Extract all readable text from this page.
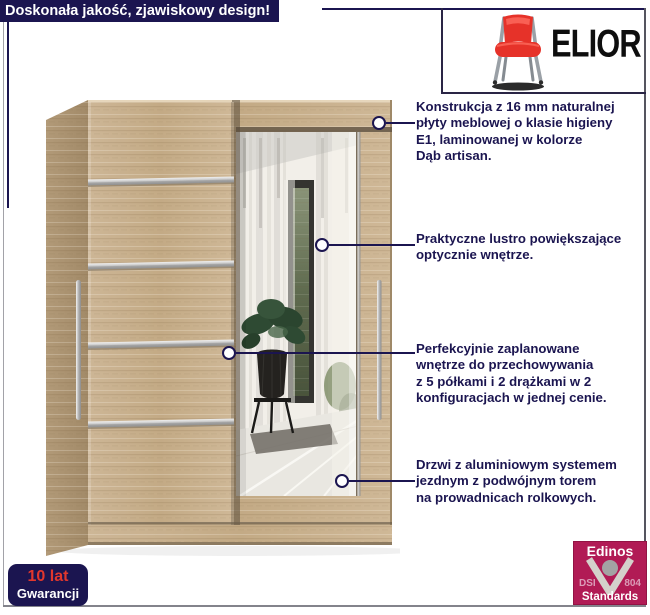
Doskonała jakość, zjawiskowy design!
ELIOR
Konstrukcja z 16 mm naturalnej
płyty meblowej o klasie higieny
E1, laminowanej w kolorze
Dąb artisan.
Praktyczne lustro powiększające
optycznie wnętrze.
Perfekcyjnie zaplanowane
wnętrze do przechowywania
z 5 półkami i 2 drążkami w 2
konfiguracjach w jednej cenie.
Drzwi z aluminiowym systemem
jezdnym z podwójnym torem
na prowadnicach rolkowych.
10 lat
Gwarancji
Edinos
DSI	804
Standards
